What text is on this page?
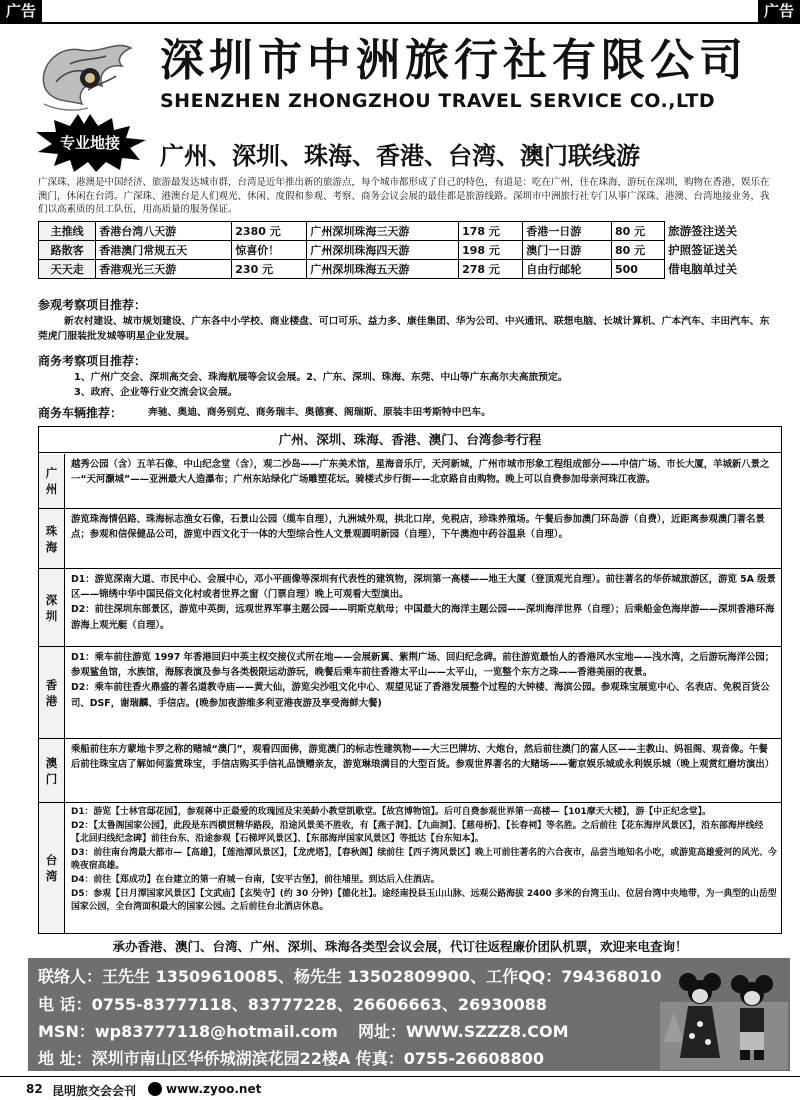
广告	广告
深圳市中洲旅行社有限公司
SHENZHEN ZHONGZHOU TRAVEL SERVICE CO.,LTD
专业地接	广州、深圳、珠海、香港、台湾、澳门联线游
广深珠、港澳是中国经济、旅游最发达城市群，台湾是近年推出新的旅游点，每个城市都形成了自己的特色，有道是：吃在广州，住在珠海，游玩在深圳，购物在香港，娱乐在澳门，休闲在台湾。广深珠、港澳台是人们观光、休闲、度假和参观、考察、商务会议会展的最佳都是旅游线路。深圳市中洲旅行社专门从事广深珠、港澳、台湾地接业务，我们以高素质的员工队伍，用高质量的服务保证。
主推线	香港台湾八天游	2380 元	广州深圳珠海三天游	178 元	香港一日游	80 元	旅游签注送关
路散客	香港澳门常规五天	惊喜价！	广州深圳珠海四天游	198 元	澳门一日游	80 元	护照签证送关
天天走	香港观光三天游	230 元	广州深圳珠海五天游	278 元	自由行邮轮	500	借电脑单过关
参观考察项目推荐：
新农村建设、城市规划建设、广东各中小学校、商业楼盘、可口可乐、益力多、康佳集团、华为公司、中兴通讯、联想电脑、长城计算机、广本汽车、丰田汽车、东莞虎门服装批发城等明星企业发展。
商务考察项目推荐：
1、广州广交会、深圳高交会、珠海航展等会议会展。2、广东、深圳、珠海、东莞、中山等广东高尔夫高旅预定。
3、政府、企业等行业交流会议会展。
商务车辆推荐：	奔驰、奥迪、商务别克、商务瑞丰、奥德赛、阁瑞斯、原装丰田考斯特中巴车。
广州、深圳、珠海、香港、澳门、台湾参考行程
广
州

越秀公园（含）五羊石像、中山纪念堂（含），观二沙岛——广东美术馆，星海音乐厅，天河新城，广州市城市形象工程组成部分——中信广场、市长大厦，羊城新八景之一“天河灏城”——亚洲最大人造瀑布；广州东站绿化广场雕塑花坛。骑楼式步行街——北京路自由购物。晚上可以自费参加母亲河珠江夜游。

珠
海

游览珠海情侣路、珠海标志渔女石像，石景山公园（缆车自理），九洲城外观，拱北口岸，免税店，珍珠养殖场。午餐后参加澳门环岛游（自费），近距离参观澳门著名景点；参观和信保健品公司，游览中西文化于一体的大型综合性人文景观圆明新园（自理），下午澳泡中药谷温泉（自理）。

深
圳

D1：游览深南大道、市民中心、会展中心，邓小平画像等深圳有代表性的建筑物，深圳第一高楼——地王大厦（登顶观光自理）。前往著名的华侨城旅游区，游览 5A 级景区——锦绣中华中国民俗文化村或者世界之窗（门票自理）晚上可观看大型演出。

D2：前往深圳东部景区，游览中英街，远观世界军事主题公园——明斯克航母；中国最大的海洋主题公园——深圳海洋世界（自理）；后乘船金色海岸游——深圳香港环海游海上观光艇（自理）。

香
港

D1：乘车前往游览 1997 年香港回归中英主权交接仪式所在地——会展新翼、紫荆广场、回归纪念碑。前往游览最怡人的香港风水宝地——浅水湾，之后游玩海洋公园；参观鲨鱼馆，水族馆，海豚表演及参与各类极限运动游玩，晚餐后乘车前往香港太平山——太平山，一览整个东方之珠——香港美丽的夜景。

D2：乘车前往香火鼎盛的著名道教寺庙——黄大仙，游览尖沙咀文化中心、观望见证了香港发展整个过程的大钟楼、海滨公园。参观珠宝展览中心、名表店、免税百货公司、DSF，谢瑞麟、手信店。(晚参加夜游维多利亚港夜游及享受海鲜大餐)

澳
门

乘船前往东方蒙地卡罗之称的赌城“澳门”，观看四面佛，游览澳门的标志性建筑物——大三巴牌坊、大炮台，然后前往澳门的富人区——主教山、妈祖阁、观音像。午餐后前往珠宝店了解如何鉴赏珠宝，手信店购买手信礼品馈赠亲友，游览琳琅满目的大型百货。参观世界著名的大赌场——葡京娱乐城或永利娱乐城（晚上观赏红磨坊演出）

台
湾

D1：游览【士林官邸花园】，参观蒋中正最爱的玫瑰园及宋美龄小教堂凯歌堂。【故宫博物馆】。后可自费参观世界第一高楼—【101摩天大楼】，游【中正纪念堂】。

D2：【太鲁阁国家公园】，此段是东西横贯精华路段，沿途风景美不胜收，有【燕子洞】、【九曲洞】、【慈母桥】、【长春祠】等名胜。之后前往【花东海岸风景区】，沿东部海岸线经【北回归线纪念碑】前往台东、沿途参观【石梯坪风景区】、【东部海岸国家风景区】等抵达【台东知本】。

D3：前往南台湾最大都市—【高雄】，【莲池潭风景区】，【龙虎塔】，【春秋阁】续前往【西子湾风景区】晚上可前往著名的六合夜市，品尝当地知名小吃，或游览高雄爱河的风光、今晚夜宿高雄。

D4：前往【郑成功】在台建立的第一府城－台南，【安平古堡】，前往埔里。到达后入住酒店。

D5：参观【日月潭国家风景区】【文武庙】【玄奘寺】(约 30 分钟)【德化社】。途经南投县玉山山脉、远观公路海拔 2400 多米的台湾玉山、位居台湾中央地带，为一典型的山岳型国家公园，全台湾面积最大的国家公园。之后前往台北酒店休息。

承办香港、澳门、台湾、广州、深圳、珠海各类型会议会展，代订往返程廉价团队机票，欢迎来电查询！
联络人：王先生 13509610085、杨先生 13502809900、工作QQ：794368010
电 话：0755-83777118、83777228、26606663、26930088
MSN：wp83777118@hotmail.com 网址：WWW.SZZZ8.COM
地 址：深圳市南山区华侨城湖滨花园22楼A 传真：0755-26608800
82 昆明旅交会会刊 www.zyoo.net
